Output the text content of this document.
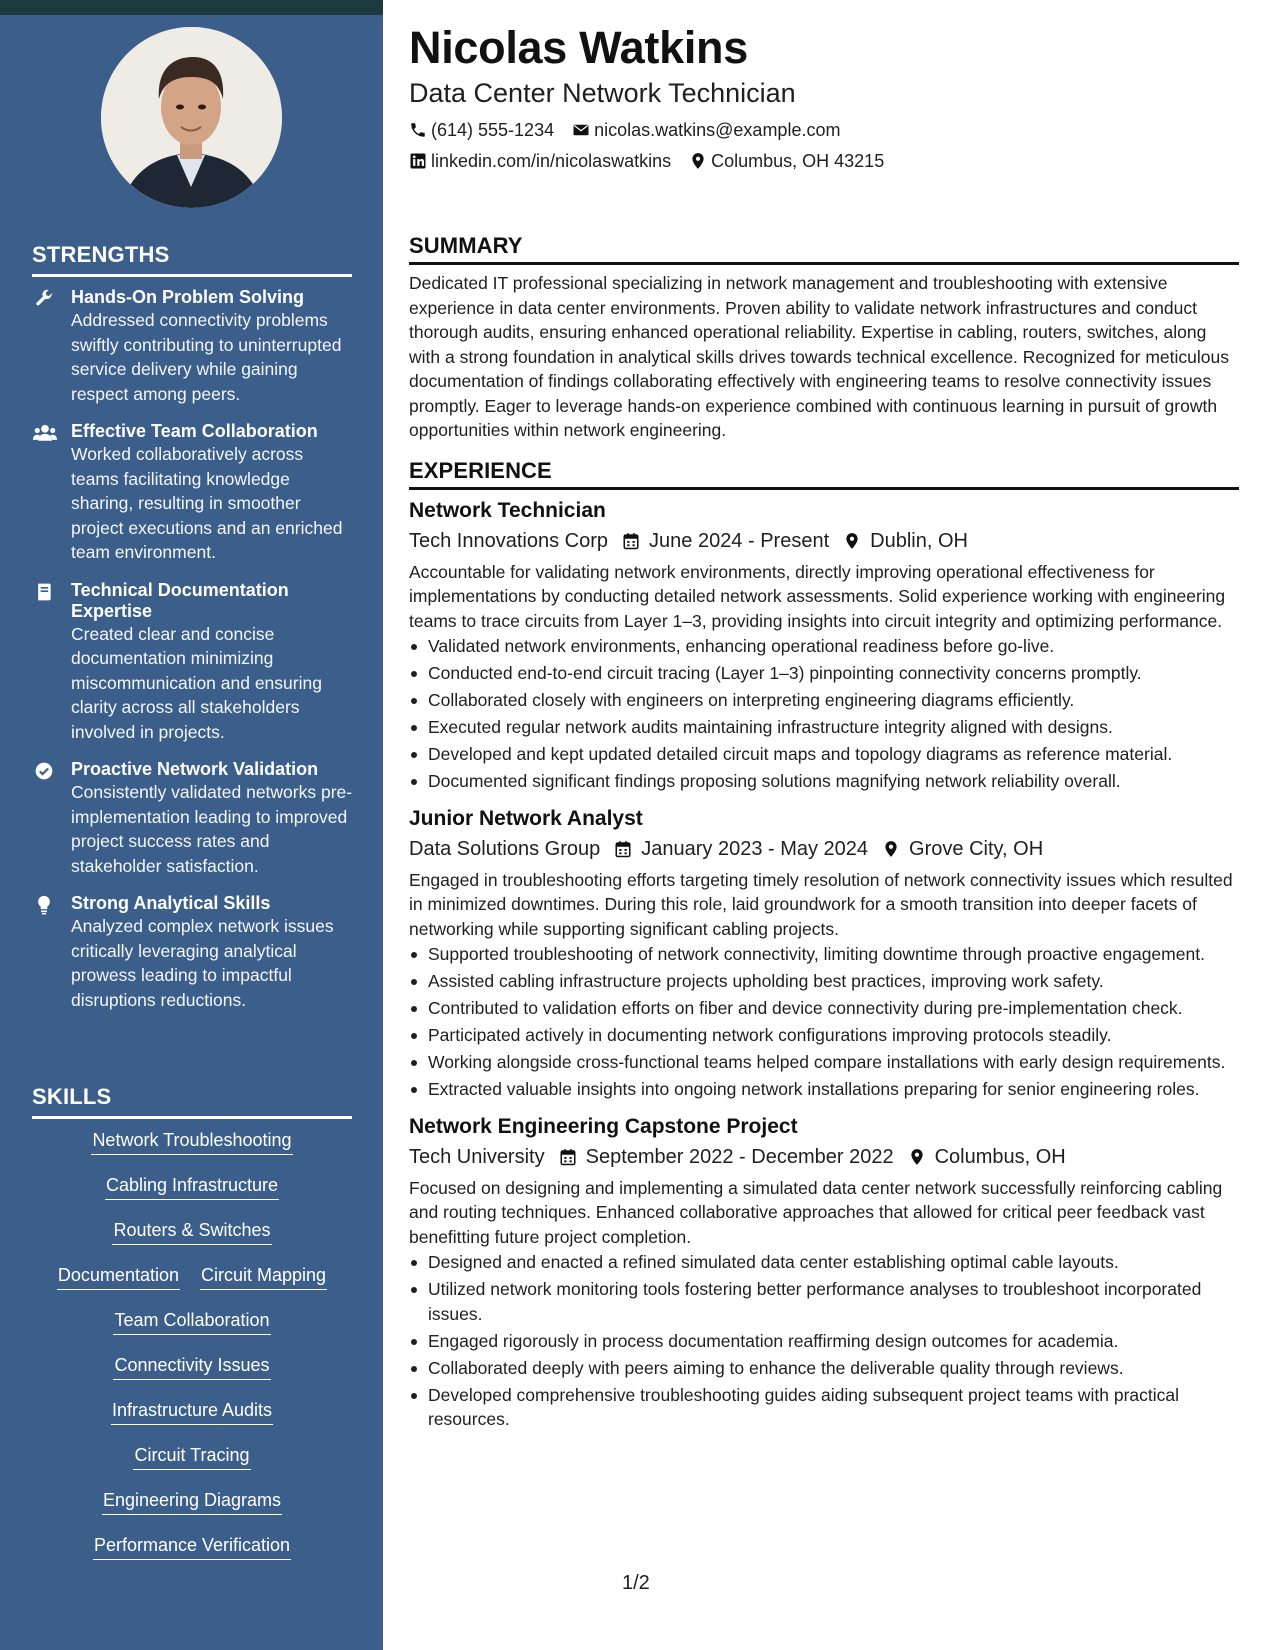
STRENGTHS
Hands-On Problem Solving
Addressed connectivity problems swiftly contributing to uninterrupted service delivery while gaining respect among peers.
Effective Team Collaboration
Worked collaboratively across teams facilitating knowledge sharing, resulting in smoother project executions and an enriched team environment.
Technical Documentation Expertise
Created clear and concise documentation minimizing miscommunication and ensuring clarity across all stakeholders involved in projects.
Proactive Network Validation
Consistently validated networks pre-implementation leading to improved project success rates and stakeholder satisfaction.
Strong Analytical Skills
Analyzed complex network issues critically leveraging analytical prowess leading to impactful disruptions reductions.
SKILLS
Network Troubleshooting
Cabling Infrastructure
Routers & Switches
Documentation Circuit Mapping
Team Collaboration
Connectivity Issues
Infrastructure Audits
Circuit Tracing
Engineering Diagrams
Performance Verification
Nicolas Watkins
Data Center Network Technician
(614) 555-1234 nicolas.watkins@example.com
linkedin.com/in/nicolaswatkins Columbus, OH 43215
SUMMARY
Dedicated IT professional specializing in network management and troubleshooting with extensive experience in data center environments. Proven ability to validate network infrastructures and conduct thorough audits, ensuring enhanced operational reliability. Expertise in cabling, routers, switches, along with a strong foundation in analytical skills drives towards technical excellence. Recognized for meticulous documentation of findings collaborating effectively with engineering teams to resolve connectivity issues promptly. Eager to leverage hands-on experience combined with continuous learning in pursuit of growth opportunities within network engineering.
EXPERIENCE
Network Technician
Tech Innovations Corp June 2024 - Present Dublin, OH
Accountable for validating network environments, directly improving operational effectiveness for implementations by conducting detailed network assessments. Solid experience working with engineering teams to trace circuits from Layer 1–3, providing insights into circuit integrity and optimizing performance.
Validated network environments, enhancing operational readiness before go-live.
Conducted end-to-end circuit tracing (Layer 1–3) pinpointing connectivity concerns promptly.
Collaborated closely with engineers on interpreting engineering diagrams efficiently.
Executed regular network audits maintaining infrastructure integrity aligned with designs.
Developed and kept updated detailed circuit maps and topology diagrams as reference material.
Documented significant findings proposing solutions magnifying network reliability overall.
Junior Network Analyst
Data Solutions Group January 2023 - May 2024 Grove City, OH
Engaged in troubleshooting efforts targeting timely resolution of network connectivity issues which resulted in minimized downtimes. During this role, laid groundwork for a smooth transition into deeper facets of networking while supporting significant cabling projects.
Supported troubleshooting of network connectivity, limiting downtime through proactive engagement.
Assisted cabling infrastructure projects upholding best practices, improving work safety.
Contributed to validation efforts on fiber and device connectivity during pre-implementation check.
Participated actively in documenting network configurations improving protocols steadily.
Working alongside cross-functional teams helped compare installations with early design requirements.
Extracted valuable insights into ongoing network installations preparing for senior engineering roles.
Network Engineering Capstone Project
Tech University September 2022 - December 2022 Columbus, OH
Focused on designing and implementing a simulated data center network successfully reinforcing cabling and routing techniques. Enhanced collaborative approaches that allowed for critical peer feedback vast benefitting future project completion.
Designed and enacted a refined simulated data center establishing optimal cable layouts.
Utilized network monitoring tools fostering better performance analyses to troubleshoot incorporated issues.
Engaged rigorously in process documentation reaffirming design outcomes for academia.
Collaborated deeply with peers aiming to enhance the deliverable quality through reviews.
Developed comprehensive troubleshooting guides aiding subsequent project teams with practical resources.
1/2
